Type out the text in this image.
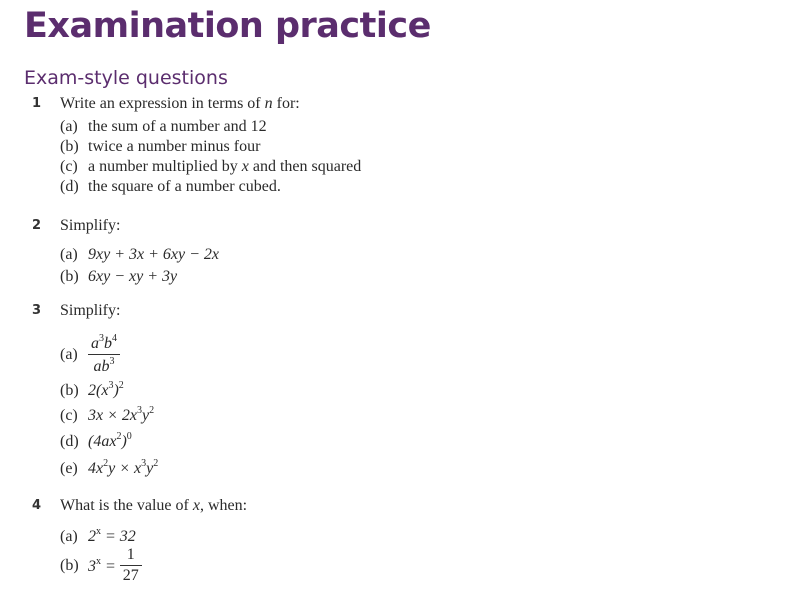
Examination practice
Exam-style questions
1 Write an expression in terms of n for:
(a) the sum of a number and 12
(b) twice a number minus four
(c) a number multiplied by x and then squared
(d) the square of a number cubed.
2 Simplify:
(a) 9xy + 3x + 6xy − 2x
(b) 6xy − xy + 3y
3 Simplify:
$(a) \frac{a^3b^4}{ab^3}$
(b) $2(x^3)^2$
(c) $3x \times 2x^3y^2$
(d) $(4ax^2)^0$
(e) $4x^2y \times x^3y^2$
4 What is the value of x, when:
(a) $2^x = 32$
(b) $3^x = \frac{1}{27}$
